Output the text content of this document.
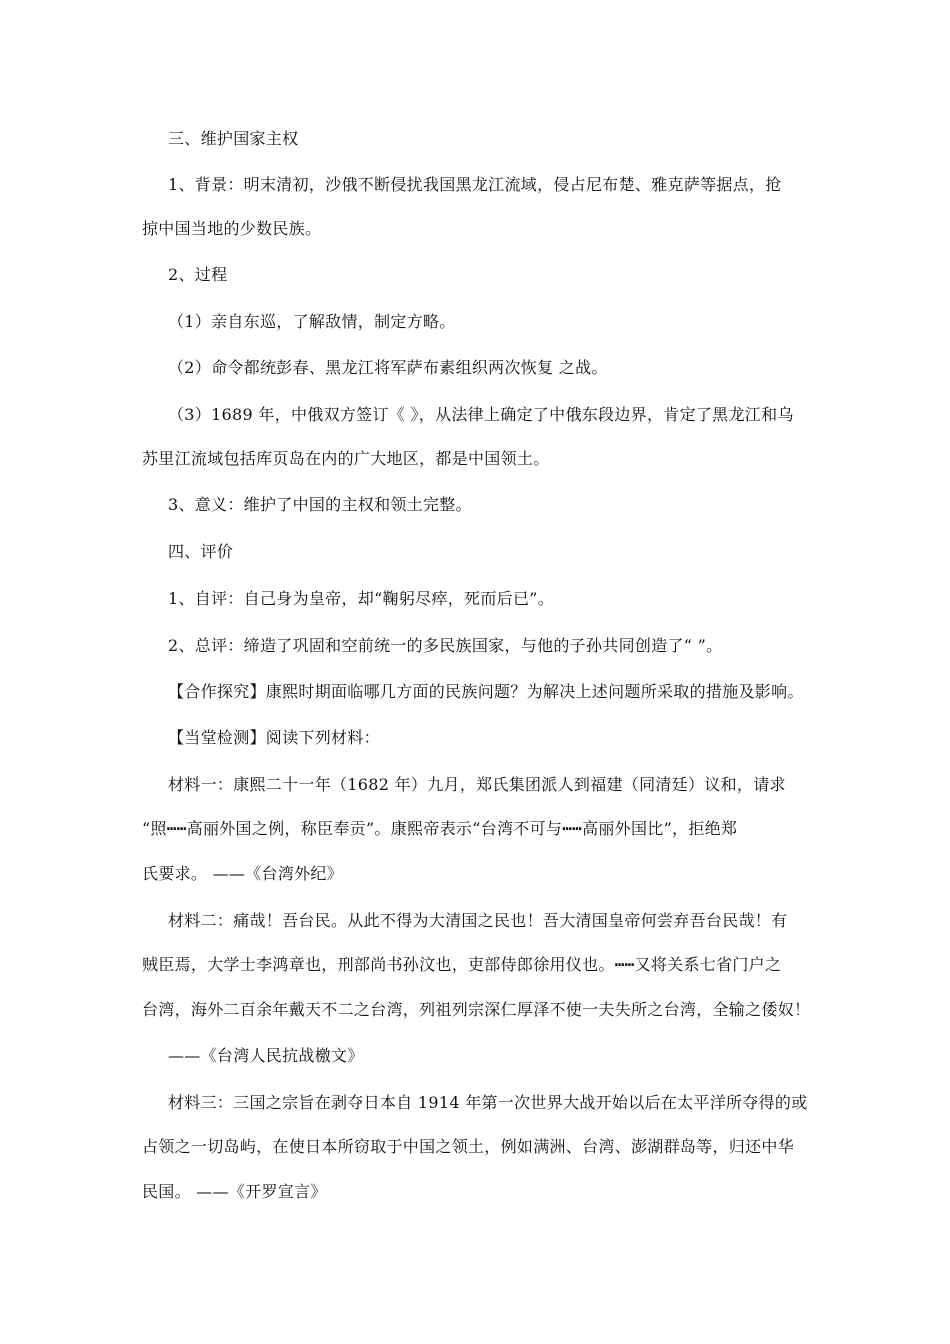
三、维护国家主权
1、背景：明末清初，沙俄不断侵扰我国黑龙江流域，侵占尼布楚、雅克萨等据点，抢
掠中国当地的少数民族。
2、过程
（1）亲自东巡，了解敌情，制定方略。
（2）命令都统彭春、黑龙江将军萨布素组织两次恢复 之战。
（3）1689 年，中俄双方签订《 》，从法律上确定了中俄东段边界，肯定了黑龙江和乌
苏里江流域包括库页岛在内的广大地区，都是中国领土。
3、意义：维护了中国的主权和领土完整。
四、评价
1、自评：自己身为皇帝，却“鞠躬尽瘁，死而后已”。
2、总评：缔造了巩固和空前统一的多民族国家，与他的子孙共同创造了“ ”。
【合作探究】康熙时期面临哪几方面的民族问题？为解决上述问题所采取的措施及影响。
【当堂检测】阅读下列材料：
材料一：康熙二十一年（1682 年）九月，郑氏集团派人到福建（同清廷）议和，请求
“照┅┅高丽外国之例，称臣奉贡”。康熙帝表示“台湾不可与┅┅高丽外国比”，拒绝郑
氏要求。 ——《台湾外纪》
材料二：痛哉！吾台民。从此不得为大清国之民也！吾大清国皇帝何尝弃吾台民哉！有
贼臣焉，大学士李鸿章也，刑部尚书孙汶也，吏部侍郎徐用仪也。┅┅又将关系七省门户之
台湾，海外二百余年戴天不二之台湾，列祖列宗深仁厚泽不使一夫失所之台湾，全输之倭奴！
——《台湾人民抗战檄文》
材料三：三国之宗旨在剥夺日本自 1914 年第一次世界大战开始以后在太平洋所夺得的或
占领之一切岛屿，在使日本所窃取于中国之领土，例如满洲、台湾、澎湖群岛等，归还中华
民国。 ——《开罗宣言》
